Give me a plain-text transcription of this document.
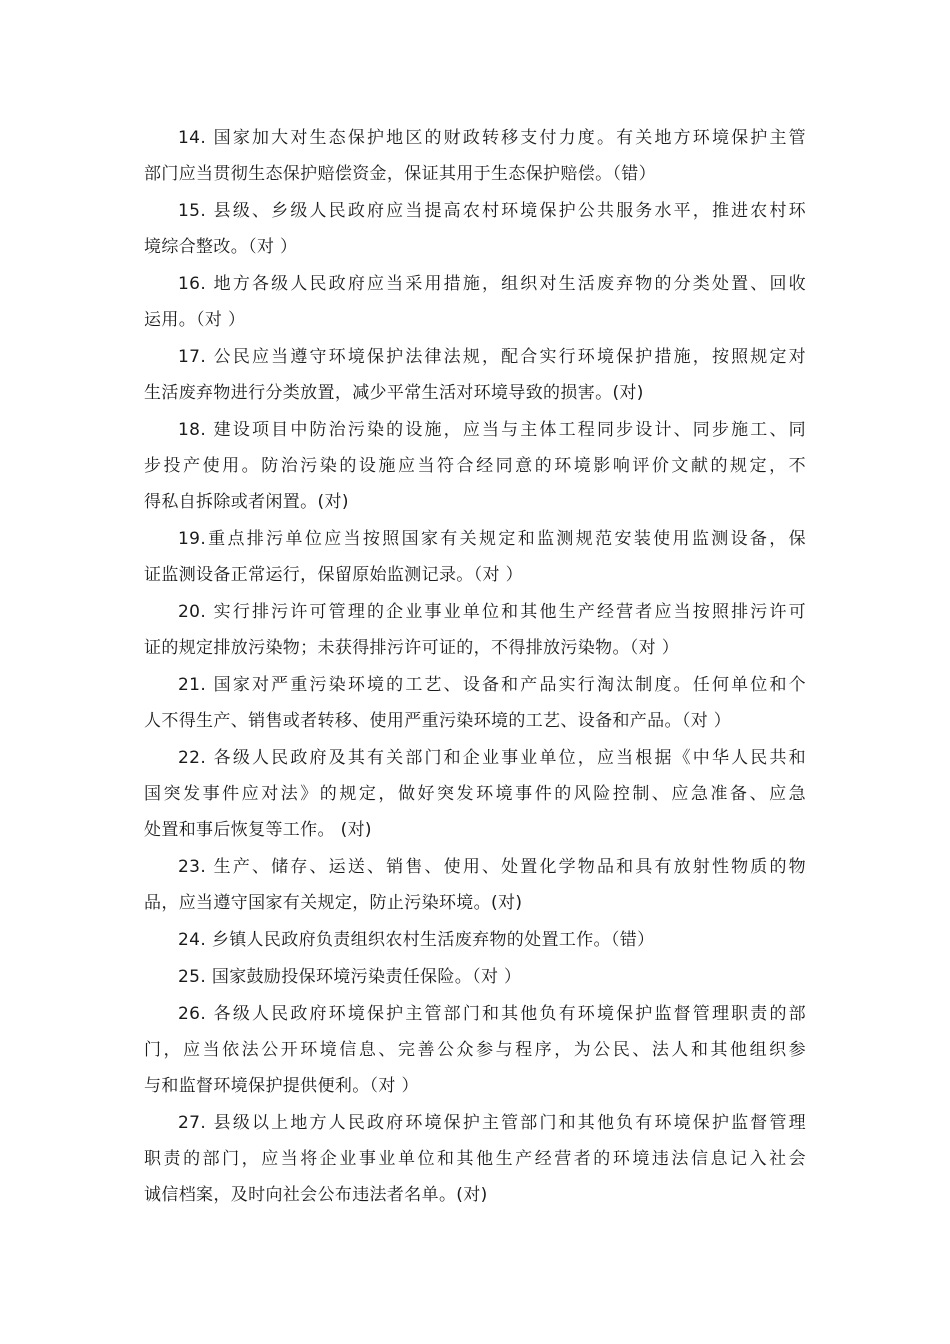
14. 国家加大对生态保护地区的财政转移支付力度。有关地方环境保护主管
部门应当贯彻生态保护赔偿资金，保证其用于生态保护赔偿。（错）
15. 县级、乡级人民政府应当提高农村环境保护公共服务水平，推进农村环
境综合整改。（对 ）
16. 地方各级人民政府应当采用措施，组织对生活废弃物的分类处置、回收
运用。（对 ）
17. 公民应当遵守环境保护法律法规，配合实行环境保护措施，按照规定对
生活废弃物进行分类放置，减少平常生活对环境导致的损害。(对)
18. 建设项目中防治污染的设施，应当与主体工程同步设计、同步施工、同
步投产使用。防治污染的设施应当符合经同意的环境影响评价文献的规定，不
得私自拆除或者闲置。(对)
19.重点排污单位应当按照国家有关规定和监测规范安装使用监测设备，保
证监测设备正常运行，保留原始监测记录。（对 ）
20. 实行排污许可管理的企业事业单位和其他生产经营者应当按照排污许可
证的规定排放污染物；未获得排污许可证的，不得排放污染物。（对 ）
21. 国家对严重污染环境的工艺、设备和产品实行淘汰制度。任何单位和个
人不得生产、销售或者转移、使用严重污染环境的工艺、设备和产品。（对 ）
22. 各级人民政府及其有关部门和企业事业单位，应当根据《中华人民共和
国突发事件应对法》的规定，做好突发环境事件的风险控制、应急准备、应急
处置和事后恢复等工作。 (对)
23. 生产、储存、运送、销售、使用、处置化学物品和具有放射性物质的物
品，应当遵守国家有关规定，防止污染环境。(对)
24. 乡镇人民政府负责组织农村生活废弃物的处置工作。（错）
25. 国家鼓励投保环境污染责任保险。（对 ）
26. 各级人民政府环境保护主管部门和其他负有环境保护监督管理职责的部
门，应当依法公开环境信息、完善公众参与程序，为公民、法人和其他组织参
与和监督环境保护提供便利。（对 ）
27. 县级以上地方人民政府环境保护主管部门和其他负有环境保护监督管理
职责的部门，应当将企业事业单位和其他生产经营者的环境违法信息记入社会
诚信档案，及时向社会公布违法者名单。(对)
